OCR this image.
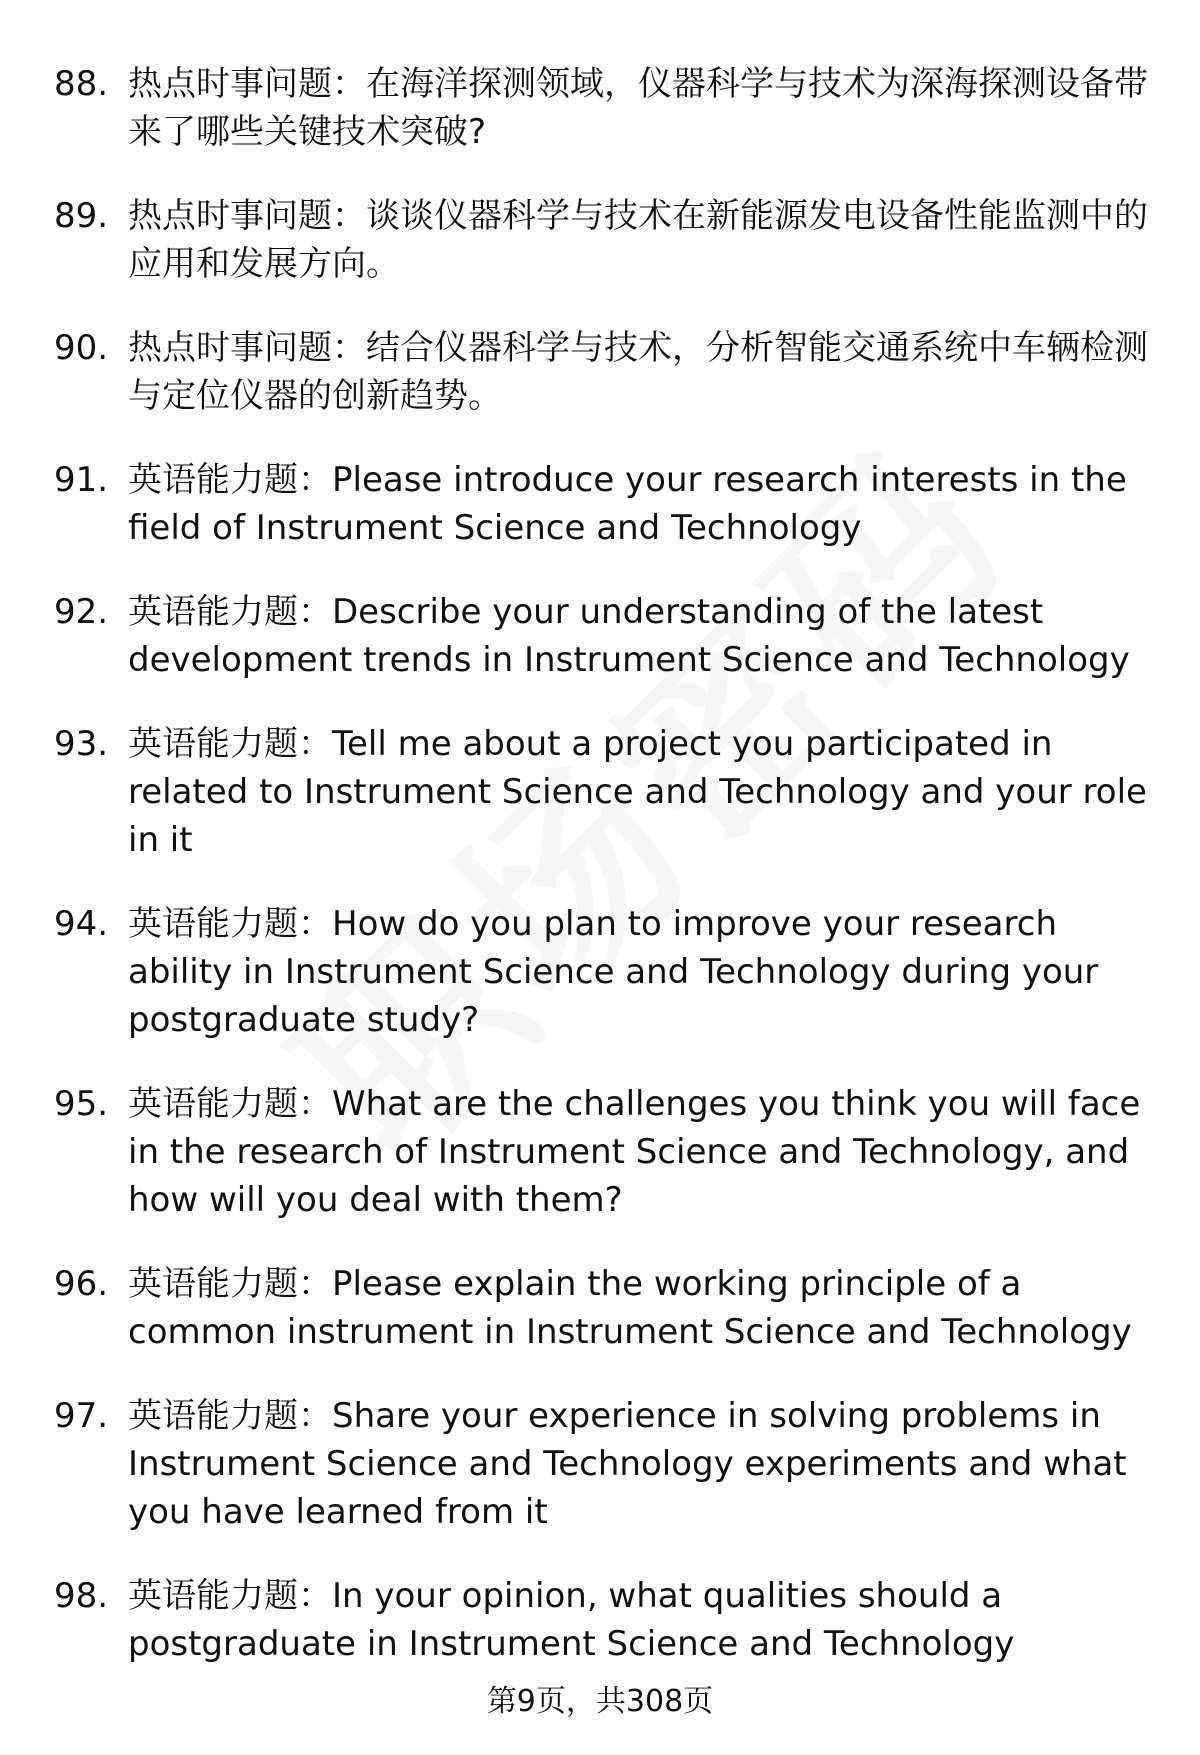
88. 热点时事问题：在海洋探测领域，仪器科学与技术为深海探测设备带来了哪些关键技术突破?
89. 热点时事问题：谈谈仪器科学与技术在新能源发电设备性能监测中的应用和发展方向。
90. 热点时事问题：结合仪器科学与技术，分析智能交通系统中车辆检测与定位仪器的创新趋势。
91. 英语能力题：Please introduce your research interests in the field of Instrument Science and Technology
92. 英语能力题：Describe your understanding of the latest development trends in Instrument Science and Technology
93. 英语能力题：Tell me about a project you participated in related to Instrument Science and Technology and your role in it
94. 英语能力题：How do you plan to improve your research ability in Instrument Science and Technology during your postgraduate study?
95. 英语能力题：What are the challenges you think you will face in the research of Instrument Science and Technology, and how will you deal with them?
96. 英语能力题：Please explain the working principle of a common instrument in Instrument Science and Technology
97. 英语能力题：Share your experience in solving problems in Instrument Science and Technology experiments and what you have learned from it
98. 英语能力题：In your opinion, what qualities should a postgraduate in Instrument Science and Technology
第9页，共308页
